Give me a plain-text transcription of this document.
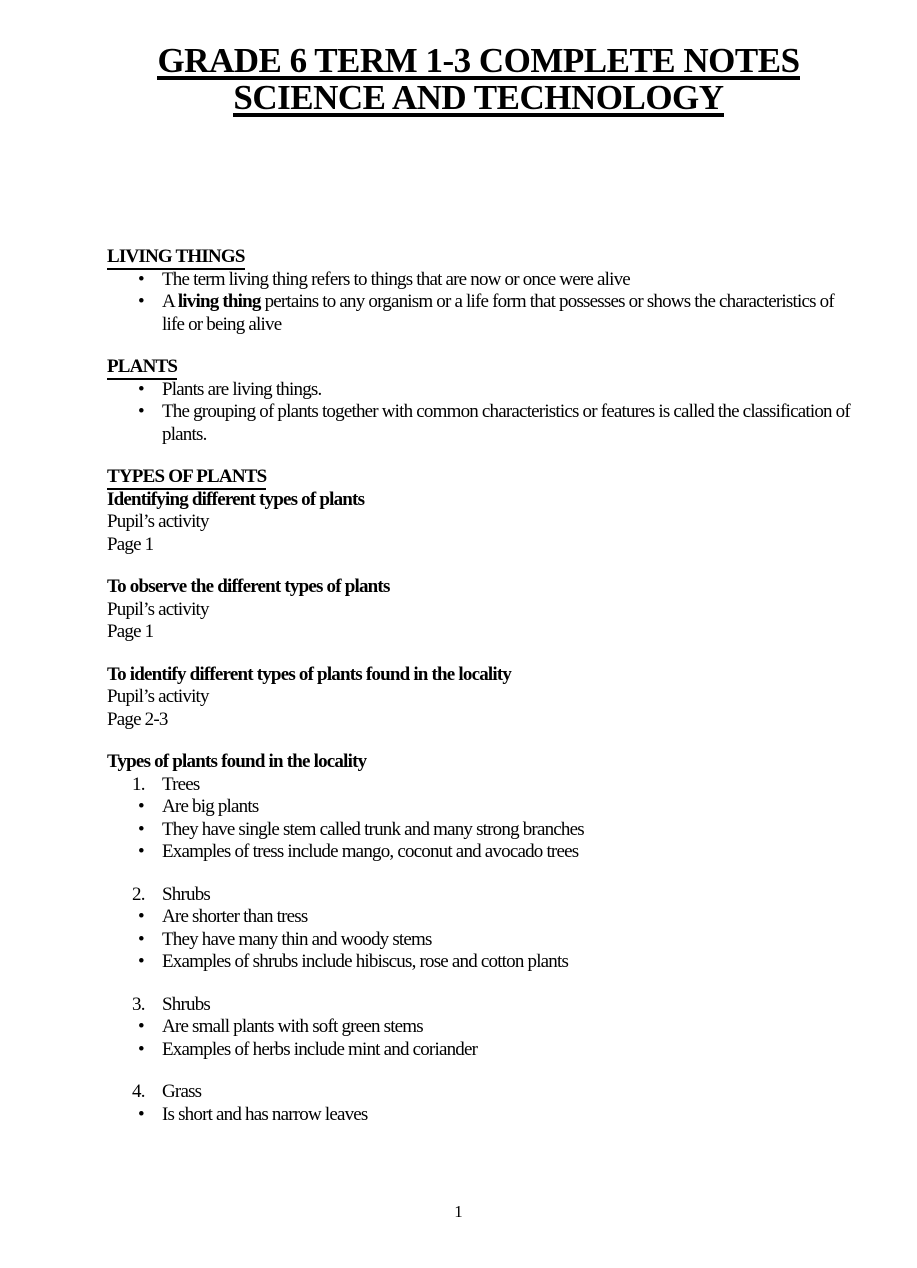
GRADE 6 TERM 1-3 COMPLETE NOTES
SCIENCE AND TECHNOLOGY
LIVING THINGS
• The term living thing refers to things that are now or once were alive
• A living thing pertains to any organism or a life form that possesses or shows the characteristics of life or being alive
PLANTS
• Plants are living things.
• The grouping of plants together with common characteristics or features is called the classification of plants.
TYPES OF PLANTS
Identifying different types of plants
Pupil’s activity
Page 1
To observe the different types of plants
Pupil’s activity
Page 1
To identify different types of plants found in the locality
Pupil’s activity
Page 2-3
Types of plants found in the locality
1. Trees
• Are big plants
• They have single stem called trunk and many strong branches
• Examples of tress include mango, coconut and avocado trees
2. Shrubs
• Are shorter than tress
• They have many thin and woody stems
• Examples of shrubs include hibiscus, rose and cotton plants
3. Shrubs
• Are small plants with soft green stems
• Examples of herbs include mint and coriander
4. Grass
• Is short and has narrow leaves
1
